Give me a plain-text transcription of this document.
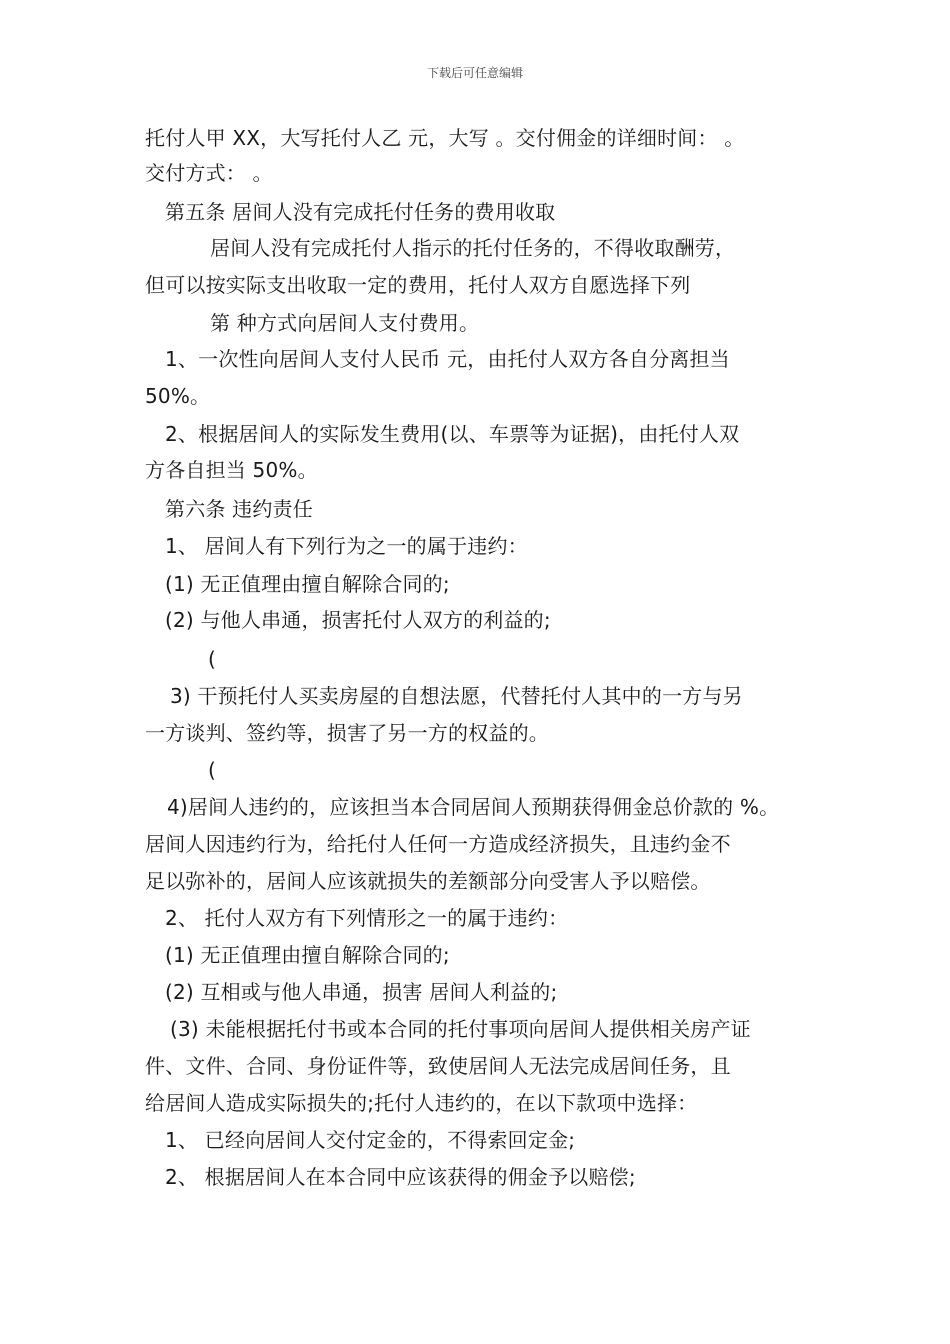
下载后可任意编辑
托付人甲 XX，大写托付人乙 元，大写 。交付佣金的详细时间： 。
交付方式： 。
第五条 居间人没有完成托付任务的费用收取
居间人没有完成托付人指示的托付任务的，不得收取酬劳，
但可以按实际支出收取一定的费用，托付人双方自愿选择下列
第 种方式向居间人支付费用。
1、一次性向居间人支付人民币 元，由托付人双方各自分离担当
50%。
2、根据居间人的实际发生费用(以、车票等为证据)，由托付人双
方各自担当 50%。
第六条 违约责任
1、 居间人有下列行为之一的属于违约：
(1) 无正值理由擅自解除合同的;
(2) 与他人串通，损害托付人双方的利益的;
(
3) 干预托付人买卖房屋的自想法愿，代替托付人其中的一方与另
一方谈判、签约等，损害了另一方的权益的。
(
4)居间人违约的，应该担当本合同居间人预期获得佣金总价款的 %。
居间人因违约行为，给托付人任何一方造成经济损失，且违约金不
足以弥补的，居间人应该就损失的差额部分向受害人予以赔偿。
2、 托付人双方有下列情形之一的属于违约：
(1) 无正值理由擅自解除合同的;
(2) 互相或与他人串通，损害 居间人利益的;
(3) 未能根据托付书或本合同的托付事项向居间人提供相关房产证
件、文件、合同、身份证件等，致使居间人无法完成居间任务，且
给居间人造成实际损失的;托付人违约的，在以下款项中选择：
1、 已经向居间人交付定金的，不得索回定金;
2、 根据居间人在本合同中应该获得的佣金予以赔偿;
